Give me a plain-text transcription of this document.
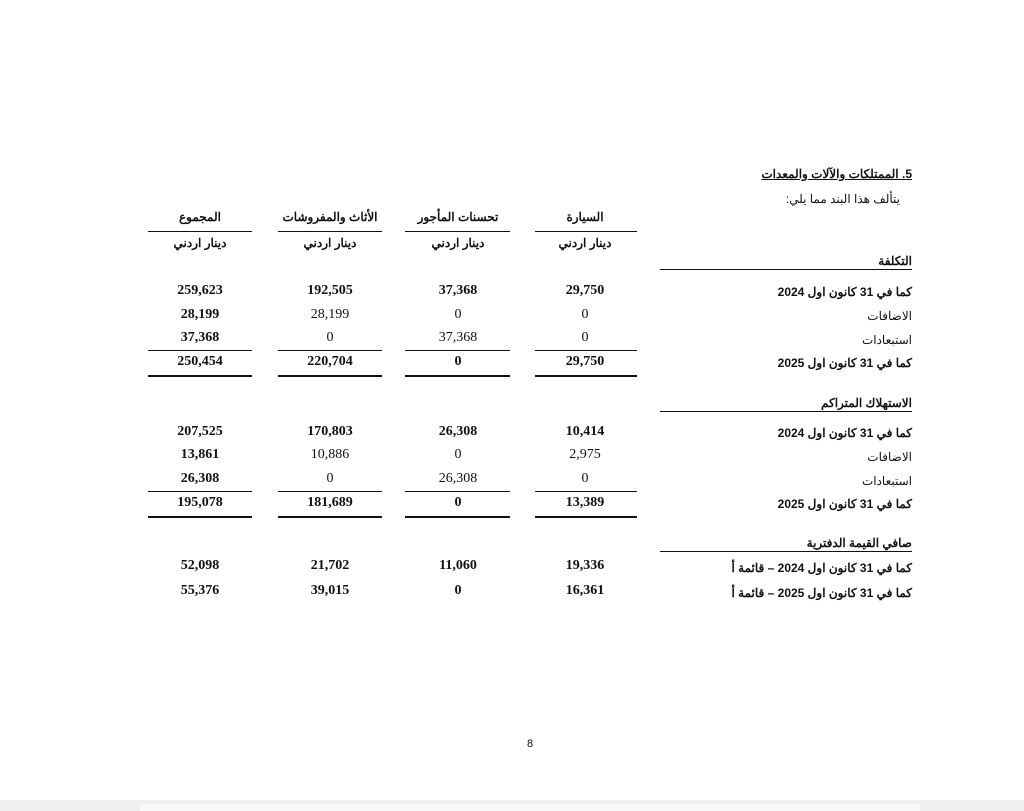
5. الممتلكات والآلات والمعدات
يتألف هذا البند مما يلي:
السيارة
تحسنات المأجور
الأثاث والمفروشات
المجموع
دينار اردني
دينار اردني
دينار اردني
دينار اردني
التكلفة
كما في 31 كانون اول 2024
29,750
37,368
192,505
259,623
الاضافات
0
0
28,199
28,199
استبعادات
0
37,368
0
37,368
كما في 31 كانون اول 2025
29,750
0
220,704
250,454
الاستهلاك المتراكم
كما في 31 كانون اول 2024
10,414
26,308
170,803
207,525
الاضافات
2,975
0
10,886
13,861
استبعادات
0
26,308
0
26,308
كما في 31 كانون اول 2025
13,389
0
181,689
195,078
صافي القيمة الدفترية
كما في 31 كانون اول 2024 – قائمة أ
19,336
11,060
21,702
52,098
كما في 31 كانون اول 2025 – قائمة أ
16,361
0
39,015
55,376
8
